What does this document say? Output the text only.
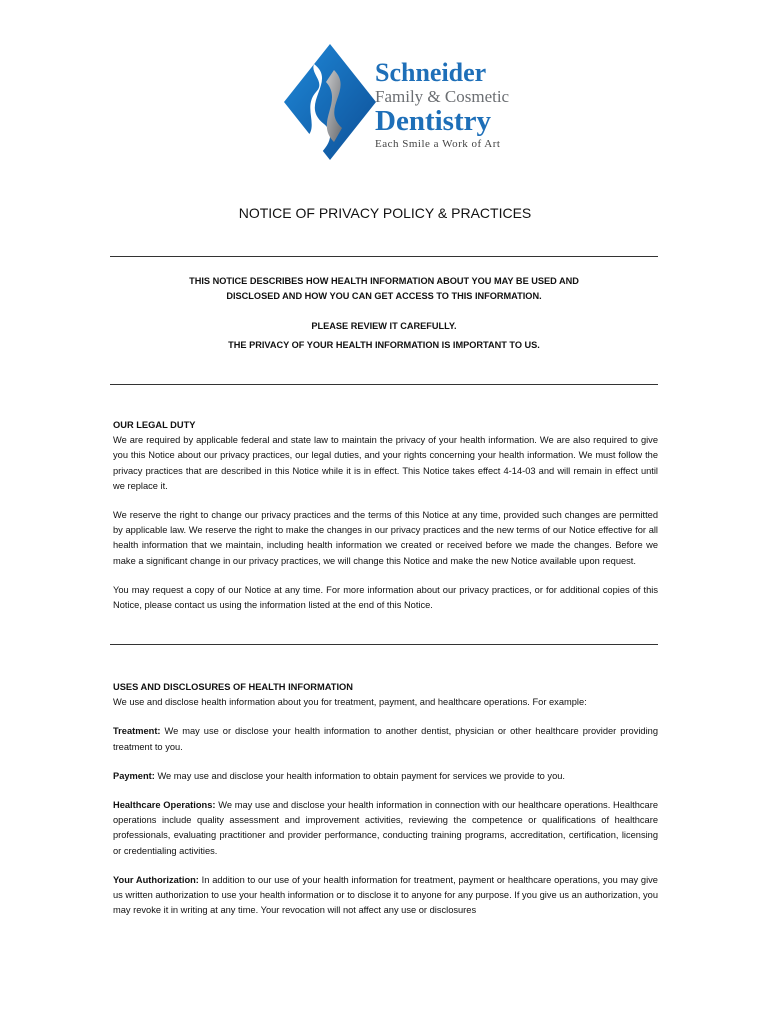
Schneider
Family & Cosmetic
Dentistry
Each Smile a Work of Art
NOTICE OF PRIVACY POLICY & PRACTICES
THIS NOTICE DESCRIBES HOW HEALTH INFORMATION ABOUT YOU MAY BE USED AND
DISCLOSED AND HOW YOU CAN GET ACCESS TO THIS INFORMATION.
PLEASE REVIEW IT CAREFULLY.
THE PRIVACY OF YOUR HEALTH INFORMATION IS IMPORTANT TO US.
OUR LEGAL DUTY

We are required by applicable federal and state law to maintain the privacy of your health information. We are also required to give you this Notice about our privacy practices, our legal duties, and your rights concerning your health information. We must follow the privacy practices that are described in this Notice while it is in effect. This Notice takes effect 4-14-03 and will remain in effect until we replace it.

We reserve the right to change our privacy practices and the terms of this Notice at any time, provided such changes are permitted by applicable law. We reserve the right to make the changes in our privacy practices and the new terms of our Notice effective for all health information that we maintain, including health information we created or received before we made the changes. Before we make a significant change in our privacy practices, we will change this Notice and make the new Notice available upon request.

You may request a copy of our Notice at any time. For more information about our privacy practices, or for additional copies of this Notice, please contact us using the information listed at the end of this Notice.

USES AND DISCLOSURES OF HEALTH INFORMATION

We use and disclose health information about you for treatment, payment, and healthcare operations. For example:

Treatment: We may use or disclose your health information to another dentist, physician or other healthcare provider providing treatment to you.

Payment: We may use and disclose your health information to obtain payment for services we provide to you.

Healthcare Operations: We may use and disclose your health information in connection with our healthcare operations. Healthcare operations include quality assessment and improvement activities, reviewing the competence or qualifications of healthcare professionals, evaluating practitioner and provider performance, conducting training programs, accreditation, certification, licensing or credentialing activities.

Your Authorization: In addition to our use of your health information for treatment, payment or healthcare operations, you may give us written authorization to use your health information or to disclose it to anyone for any purpose. If you give us an authorization, you may revoke it in writing at any time. Your revocation will not affect any use or disclosures
